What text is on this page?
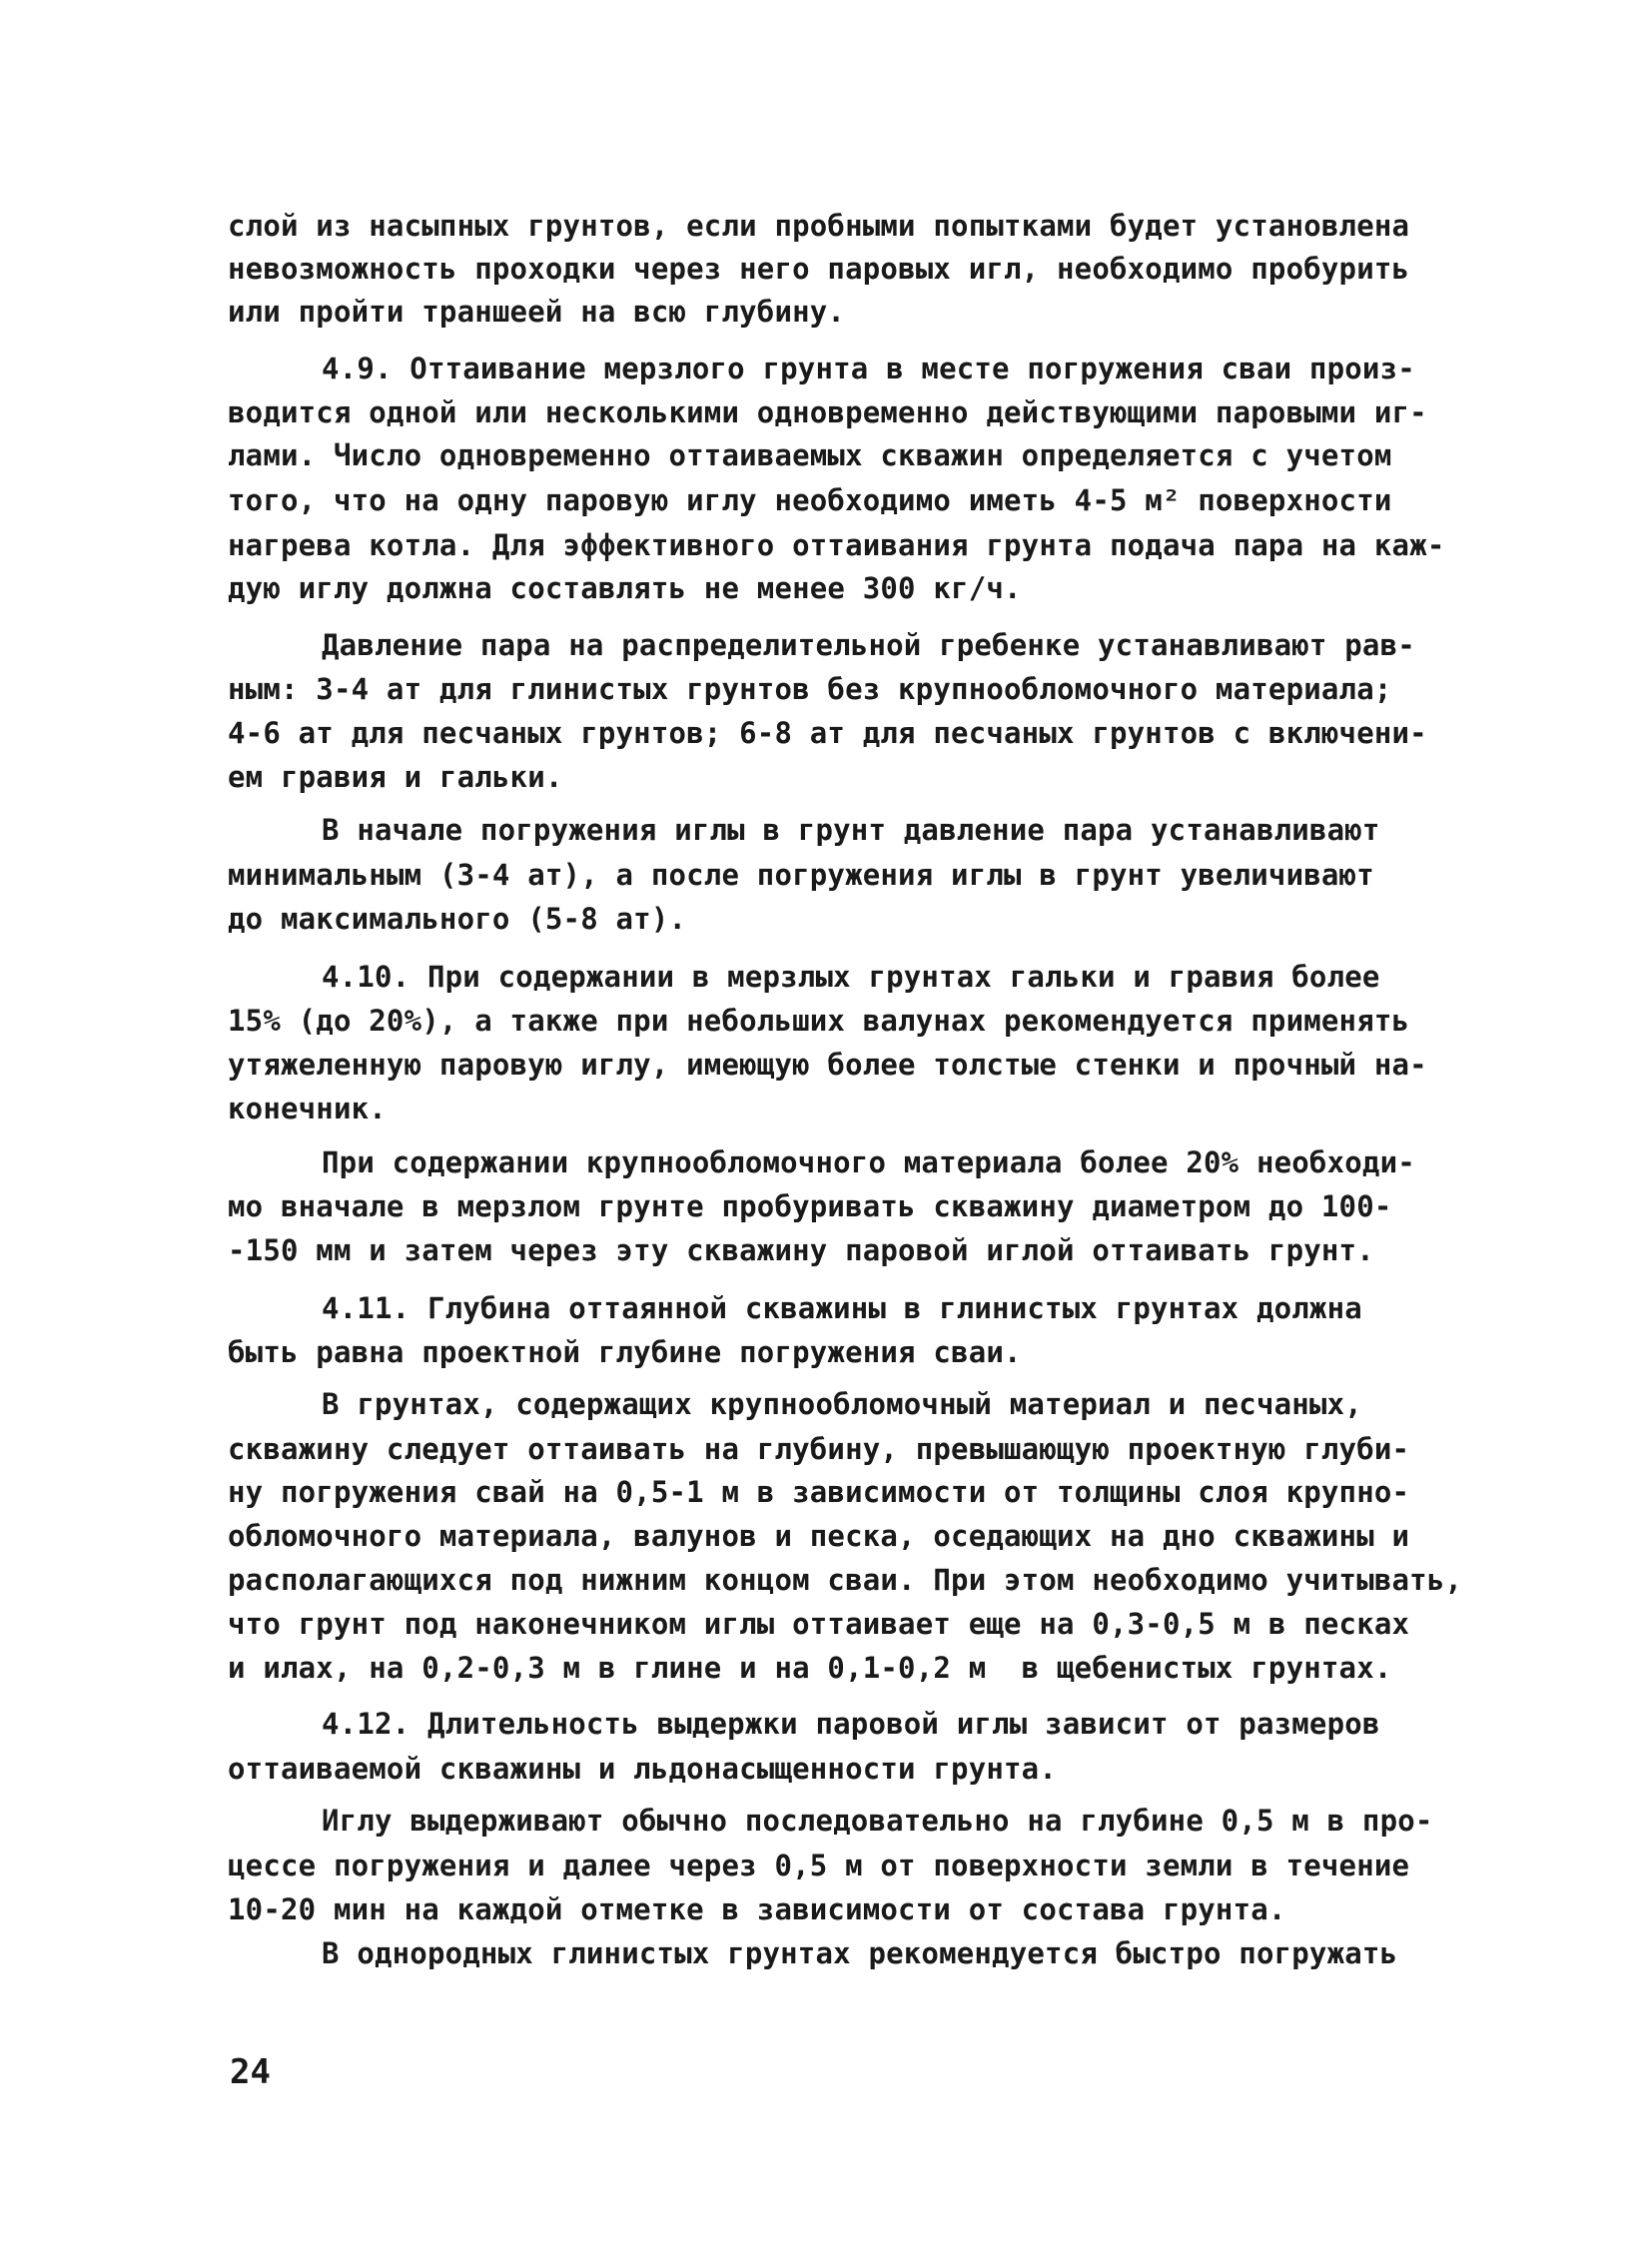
слой из насыпных грунтов, если пробными попытками будет установлена
невозможность проходки через него паровых игл, необходимо пробурить
или пройти траншеей на всю глубину.
4.9. Оттаивание мерзлого грунта в месте погружения сваи произ-
водится одной или несколькими одновременно действующими паровыми иг-
лами. Число одновременно оттаиваемых скважин определяется с учетом
того, что на одну паровую иглу необходимо иметь 4-5 м² поверхности
нагрева котла. Для эффективного оттаивания грунта подача пара на каж-
дую иглу должна составлять не менее 300 кг/ч.
Давление пара на распределительной гребенке устанавливают рав-
ным: 3-4 ат для глинистых грунтов без крупнообломочного материала;
4-6 ат для песчаных грунтов; 6-8 ат для песчаных грунтов с включени-
ем гравия и гальки.
В начале погружения иглы в грунт давление пара устанавливают
минимальным (3-4 ат), а после погружения иглы в грунт увеличивают
до максимального (5-8 ат).
4.10. При содержании в мерзлых грунтах гальки и гравия более
15% (до 20%), а также при небольших валунах рекомендуется применять
утяжеленную паровую иглу, имеющую более толстые стенки и прочный на-
конечник.
При содержании крупнообломочного материала более 20% необходи-
мо вначале в мерзлом грунте пробуривать скважину диаметром до 100-
-150 мм и затем через эту скважину паровой иглой оттаивать грунт.
4.11. Глубина оттаянной скважины в глинистых грунтах должна
быть равна проектной глубине погружения сваи.
В грунтах, содержащих крупнообломочный материал и песчаных,
скважину следует оттаивать на глубину, превышающую проектную глуби-
ну погружения свай на 0,5-1 м в зависимости от толщины слоя крупно-
обломочного материала, валунов и песка, оседающих на дно скважины и
располагающихся под нижним концом сваи. При этом необходимо учитывать,
что грунт под наконечником иглы оттаивает еще на 0,3-0,5 м в песках
и илах, на 0,2-0,3 м в глине и на 0,1-0,2 м  в щебенистых грунтах.
4.12. Длительность выдержки паровой иглы зависит от размеров
оттаиваемой скважины и льдонасыщенности грунта.
Иглу выдерживают обычно последовательно на глубине 0,5 м в про-
цессе погружения и далее через 0,5 м от поверхности земли в течение
10-20 мин на каждой отметке в зависимости от состава грунта.
В однородных глинистых грунтах рекомендуется быстро погружать
24
